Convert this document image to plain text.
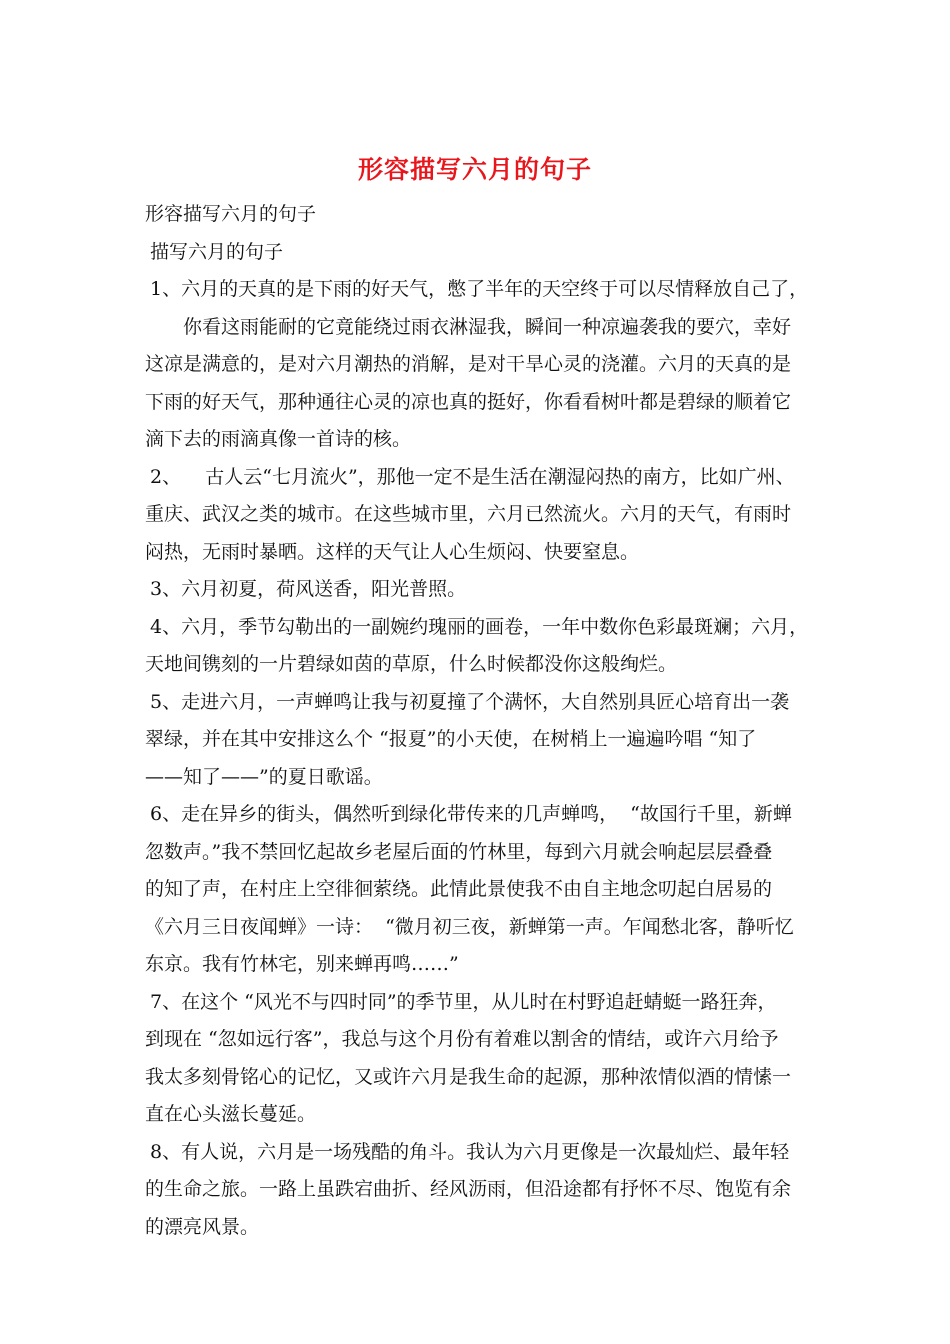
形容描写六月的句子

形容描写六月的句子

描写六月的句子

1、六月的天真的是下雨的好天气，憋了半年的天空终于可以尽情释放自己了，

你看这雨能耐的它竟能绕过雨衣淋湿我，瞬间一种凉遍袭我的要穴，幸好

这凉是满意的，是对六月潮热的消解，是对干旱心灵的浇灌。六月的天真的是

下雨的好天气，那种通往心灵的凉也真的挺好，你看看树叶都是碧绿的顺着它

滴下去的雨滴真像一首诗的核。

2、    古人云“七月流火”，那他一定不是生活在潮湿闷热的南方，比如广州、

重庆、武汉之类的城市。在这些城市里，六月已然流火。六月的天气，有雨时

闷热，无雨时暴晒。这样的天气让人心生烦闷、快要窒息。

3、六月初夏，荷风送香，阳光普照。

4、六月，季节勾勒出的一副婉约瑰丽的画卷，一年中数你色彩最斑斓；六月，

天地间镌刻的一片碧绿如茵的草原，什么时候都没你这般绚烂。

5、走进六月，一声蝉鸣让我与初夏撞了个满怀，大自然别具匠心培育出一袭

翠绿，并在其中安排这么个 “报夏”的小天使，在树梢上一遍遍吟唱 “知了

——知了——”的夏日歌谣。

6、走在异乡的街头，偶然听到绿化带传来的几声蝉鸣，  “故国行千里，新蝉

忽数声。”我不禁回忆起故乡老屋后面的竹林里，每到六月就会响起层层叠叠

的知了声，在村庄上空徘徊萦绕。此情此景使我不由自主地念叨起白居易的

《六月三日夜闻蝉》一诗：  “微月初三夜，新蝉第一声。乍闻愁北客，静听忆

东京。我有竹林宅，别来蝉再鸣……”

7、在这个 “风光不与四时同”的季节里，从儿时在村野追赶蜻蜓一路狂奔，

到现在 “忽如远行客”，我总与这个月份有着难以割舍的情结，或许六月给予

我太多刻骨铭心的记忆，又或许六月是我生命的起源，那种浓情似酒的情愫一

直在心头滋长蔓延。

8、有人说，六月是一场残酷的角斗。我认为六月更像是一次最灿烂、最年轻

的生命之旅。一路上虽跌宕曲折、经风沥雨，但沿途都有抒怀不尽、饱览有余

的漂亮风景。
